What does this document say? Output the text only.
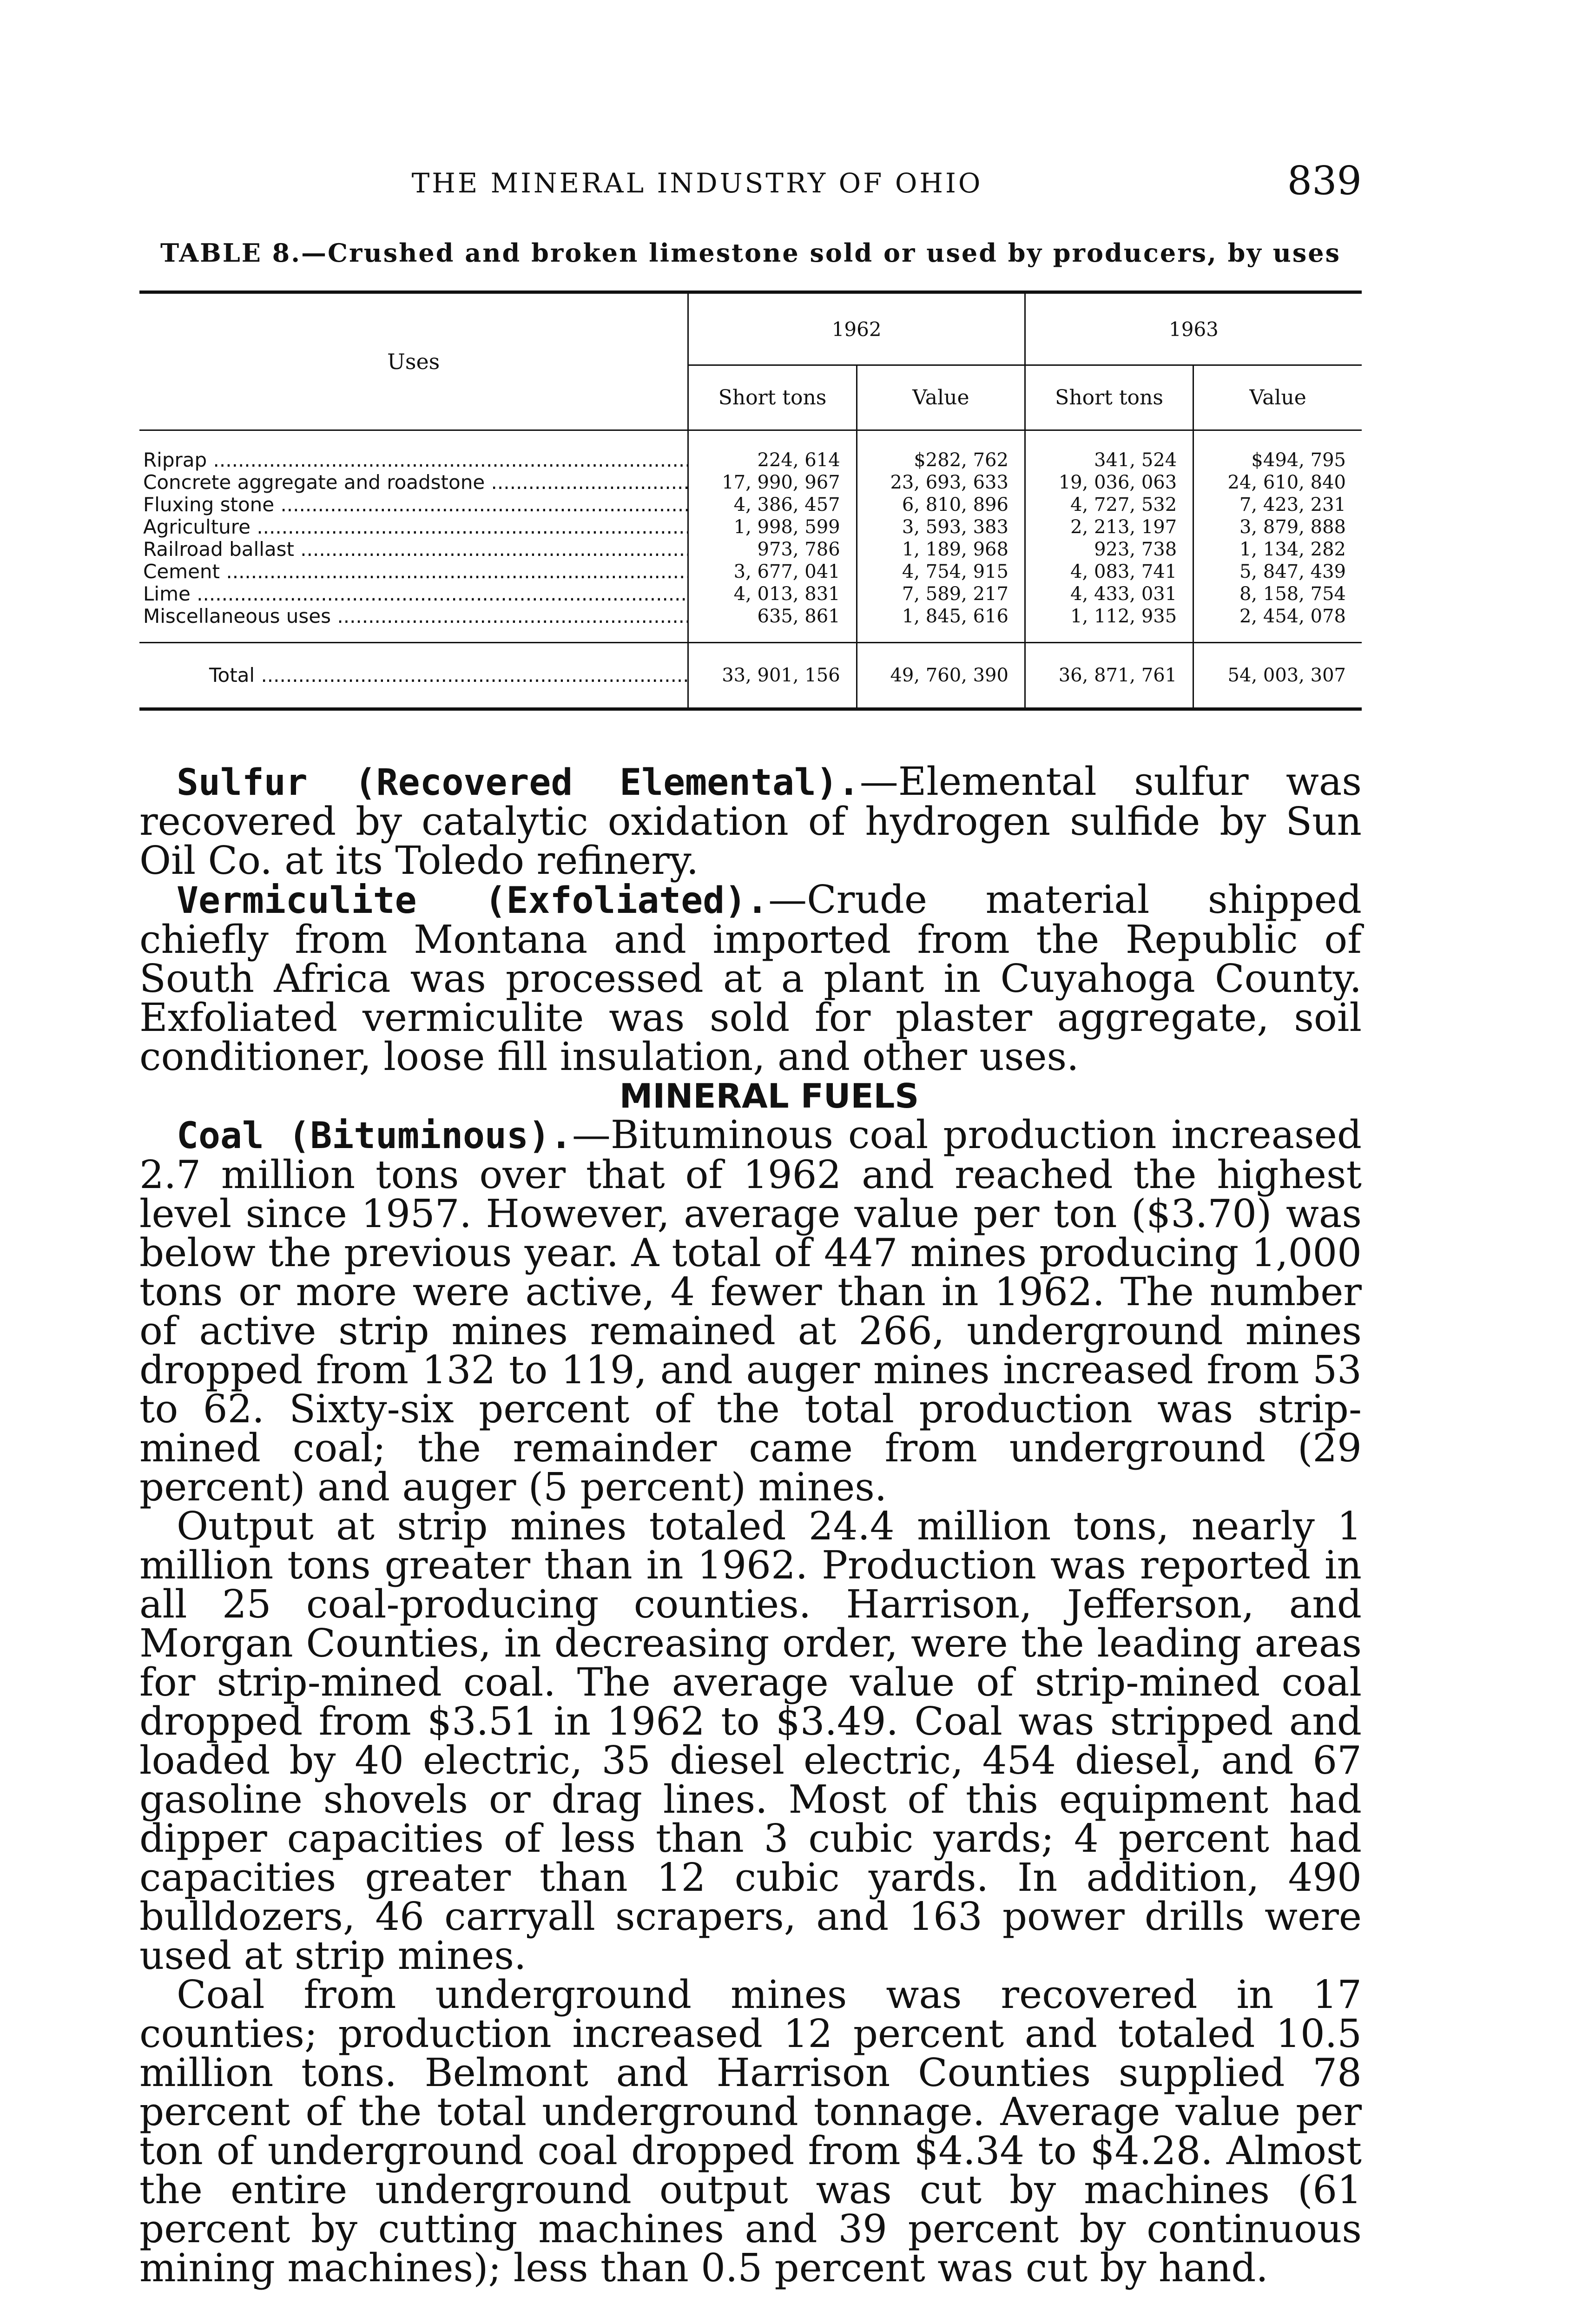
THE MINERAL INDUSTRY OF OHIO	839
TABLE 8.—Crushed and broken limestone sold or used by producers, by uses
Uses	1962		1963	
	Short tons	Value	Short tons	Value
Riprap .....	224, 614	$282, 762	341, 524	$494, 795
Concrete aggregate and roadstone .....	17, 990, 967	23, 693, 633	19, 036, 063	24, 610, 840
Fluxing stone .....	4, 386, 457	6, 810, 896	4, 727, 532	7, 423, 231
Agriculture .....	1, 998, 599	3, 593, 383	2, 213, 197	3, 879, 888
Railroad ballast .....	973, 786	1, 189, 968	923, 738	1, 134, 282
Cement .....	3, 677, 041	4, 754, 915	4, 083, 741	5, 847, 439
Lime .....	4, 013, 831	7, 589, 217	4, 433, 031	8, 158, 754
Miscellaneous uses .....	635, 861	1, 845, 616	1, 112, 935	2, 454, 078
Total .....	33, 901, 156	49, 760, 390	36, 871, 761	54, 003, 307

Sulfur (Recovered Elemental).—Elemental sulfur was recovered by catalytic oxidation of hydrogen sulfide by Sun Oil Co. at its Toledo refinery.

Vermiculite (Exfoliated).—Crude material shipped chiefly from Montana and imported from the Republic of South Africa was processed at a plant in Cuyahoga County. Exfoliated vermiculite was sold for plaster aggregate, soil conditioner, loose fill insulation, and other uses.

MINERAL FUELS

Coal (Bituminous).—Bituminous coal production increased 2.7 million tons over that of 1962 and reached the highest level since 1957. However, average value per ton ($3.70) was below the previous year. A total of 447 mines producing 1,000 tons or more were active, 4 fewer than in 1962. The number of active strip mines remained at 266, underground mines dropped from 132 to 119, and auger mines increased from 53 to 62. Sixty-six percent of the total production was strip-mined coal; the remainder came from underground (29 percent) and auger (5 percent) mines.

Output at strip mines totaled 24.4 million tons, nearly 1 million tons greater than in 1962. Production was reported in all 25 coal-producing counties. Harrison, Jefferson, and Morgan Counties, in decreasing order, were the leading areas for strip-mined coal. The average value of strip-mined coal dropped from $3.51 in 1962 to $3.49. Coal was stripped and loaded by 40 electric, 35 diesel electric, 454 diesel, and 67 gasoline shovels or drag lines. Most of this equipment had dipper capacities of less than 3 cubic yards; 4 percent had capacities greater than 12 cubic yards. In addition, 490 bulldozers, 46 carryall scrapers, and 163 power drills were used at strip mines.

Coal from underground mines was recovered in 17 counties; production increased 12 percent and totaled 10.5 million tons. Belmont and Harrison Counties supplied 78 percent of the total underground tonnage. Average value per ton of underground coal dropped from $4.34 to $4.28. Almost the entire underground output was cut by machines (61 percent by cutting machines and 39 percent by continuous mining machines); less than 0.5 percent was cut by hand.
